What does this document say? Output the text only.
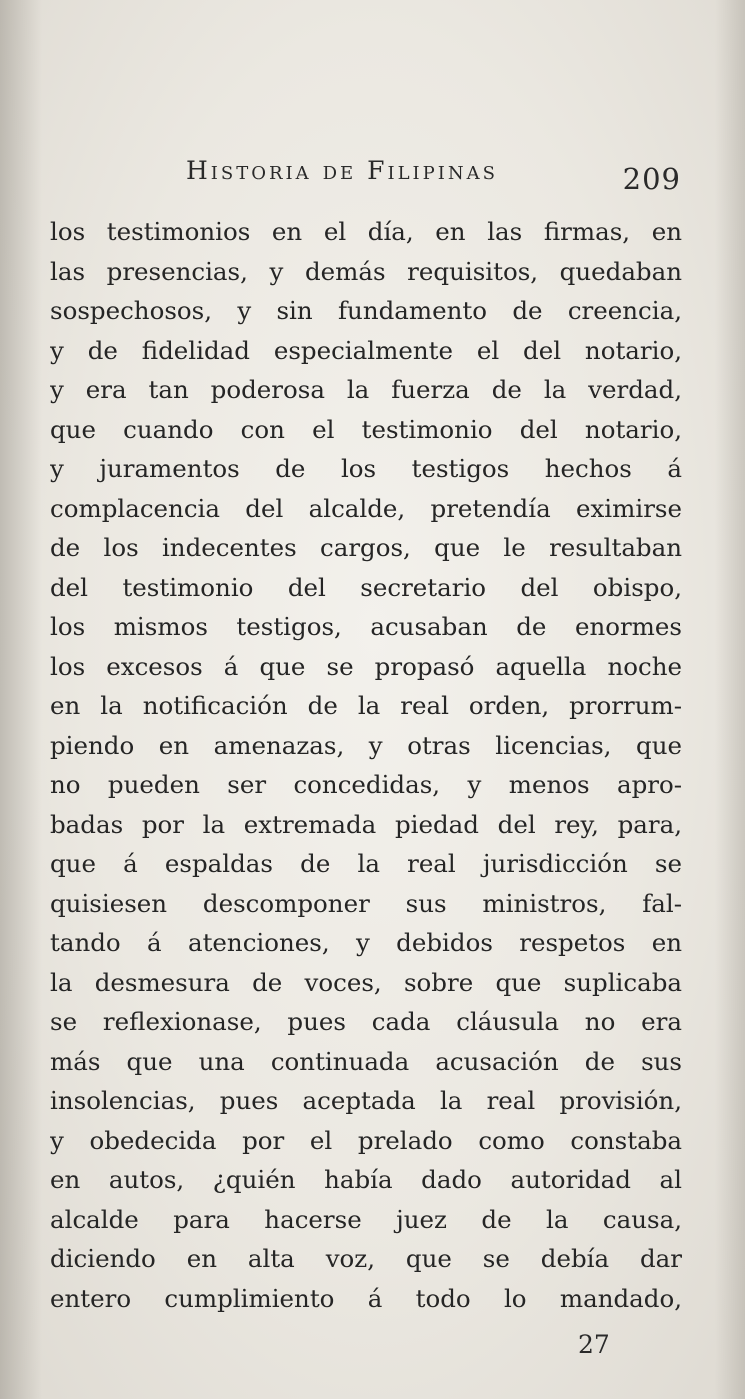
Historia de Filipinas	209
los testimonios en el día, en las firmas, en
las presencias, y demás requisitos, quedaban
sospechosos, y sin fundamento de creencia,
y de fidelidad especialmente el del notario,
y era tan poderosa la fuerza de la verdad,
que cuando con el testimonio del notario,
y juramentos de los testigos hechos á
complacencia del alcalde, pretendía eximirse
de los indecentes cargos, que le resultaban
del testimonio del secretario del obispo,
los mismos testigos, acusaban de enormes
los excesos á que se propasó aquella noche
en la notificación de la real orden, prorrum-
piendo en amenazas, y otras licencias, que
no pueden ser concedidas, y menos apro-
badas por la extremada piedad del rey, para,
que á espaldas de la real jurisdicción se
quisiesen descomponer sus ministros, fal-
tando á atenciones, y debidos respetos en
la desmesura de voces, sobre que suplicaba
se reflexionase, pues cada cláusula no era
más que una continuada acusación de sus
insolencias, pues aceptada la real provisión,
y obedecida por el prelado como constaba
en autos, ¿quién había dado autoridad al
alcalde para hacerse juez de la causa,
diciendo en alta voz, que se debía dar
entero cumplimiento á todo lo mandado,
27
